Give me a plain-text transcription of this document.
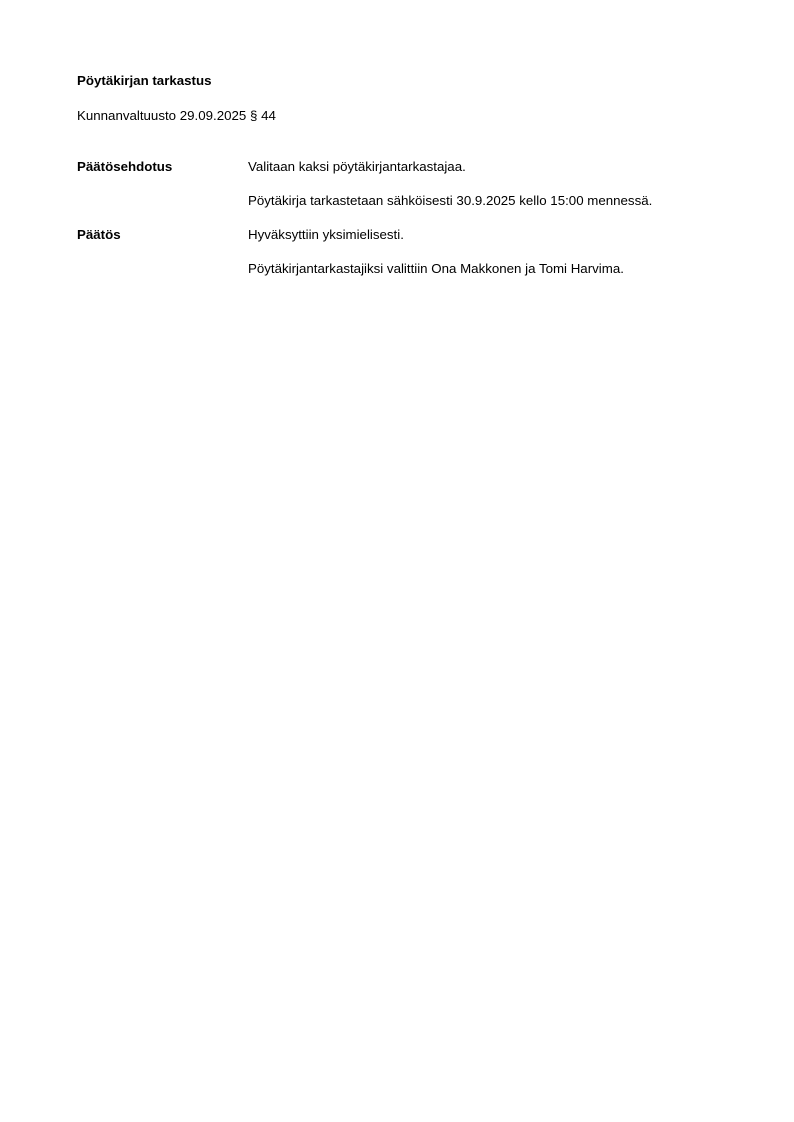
Pöytäkirjan tarkastus
Kunnanvaltuusto 29.09.2025 § 44
Päätösehdotus	Valitaan kaksi pöytäkirjantarkastajaa.
Pöytäkirja tarkastetaan sähköisesti 30.9.2025 kello 15:00 mennessä.
Päätös	Hyväksyttiin yksimielisesti.
Pöytäkirjantarkastajiksi valittiin Ona Makkonen ja Tomi Harvima.
